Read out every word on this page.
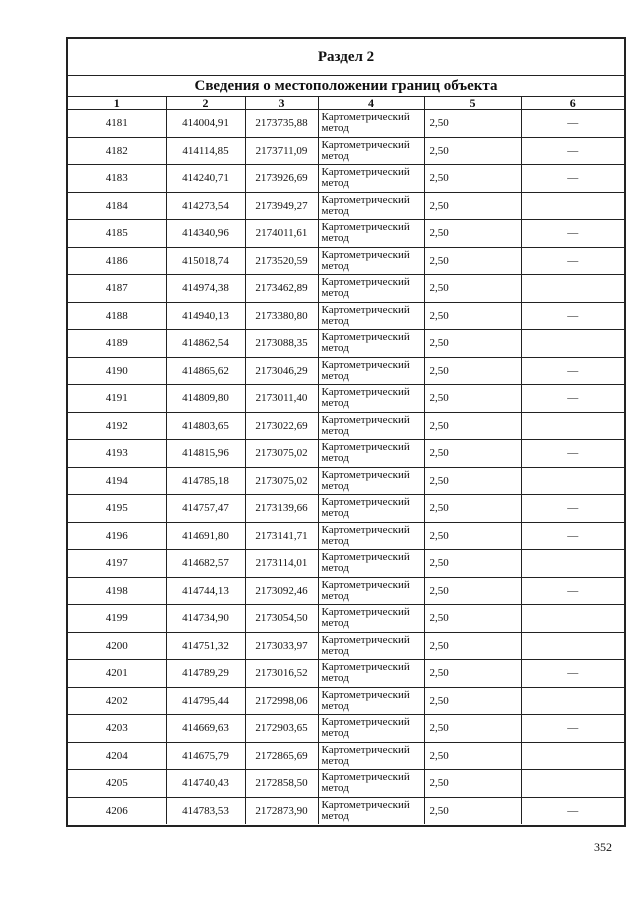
Раздел 2
Сведения о местоположении границ объекта
1	2	3	4	5	6
4181	414004,91	2173735,88	Картометрический метод	2,50	—
4182	414114,85	2173711,09	Картометрический метод	2,50	—
4183	414240,71	2173926,69	Картометрический метод	2,50	—
4184	414273,54	2173949,27	Картометрический метод	2,50	
4185	414340,96	2174011,61	Картометрический метод	2,50	—
4186	415018,74	2173520,59	Картометрический метод	2,50	—
4187	414974,38	2173462,89	Картометрический метод	2,50	
4188	414940,13	2173380,80	Картометрический метод	2,50	—
4189	414862,54	2173088,35	Картометрический метод	2,50	
4190	414865,62	2173046,29	Картометрический метод	2,50	—
4191	414809,80	2173011,40	Картометрический метод	2,50	—
4192	414803,65	2173022,69	Картометрический метод	2,50	
4193	414815,96	2173075,02	Картометрический метод	2,50	—
4194	414785,18	2173075,02	Картометрический метод	2,50	
4195	414757,47	2173139,66	Картометрический метод	2,50	—
4196	414691,80	2173141,71	Картометрический метод	2,50	—
4197	414682,57	2173114,01	Картометрический метод	2,50	
4198	414744,13	2173092,46	Картометрический метод	2,50	—
4199	414734,90	2173054,50	Картометрический метод	2,50	
4200	414751,32	2173033,97	Картометрический метод	2,50	
4201	414789,29	2173016,52	Картометрический метод	2,50	—
4202	414795,44	2172998,06	Картометрический метод	2,50	
4203	414669,63	2172903,65	Картометрический метод	2,50	—
4204	414675,79	2172865,69	Картометрический метод	2,50	
4205	414740,43	2172858,50	Картометрический метод	2,50	
4206	414783,53	2172873,90	Картометрический метод	2,50	—
352
